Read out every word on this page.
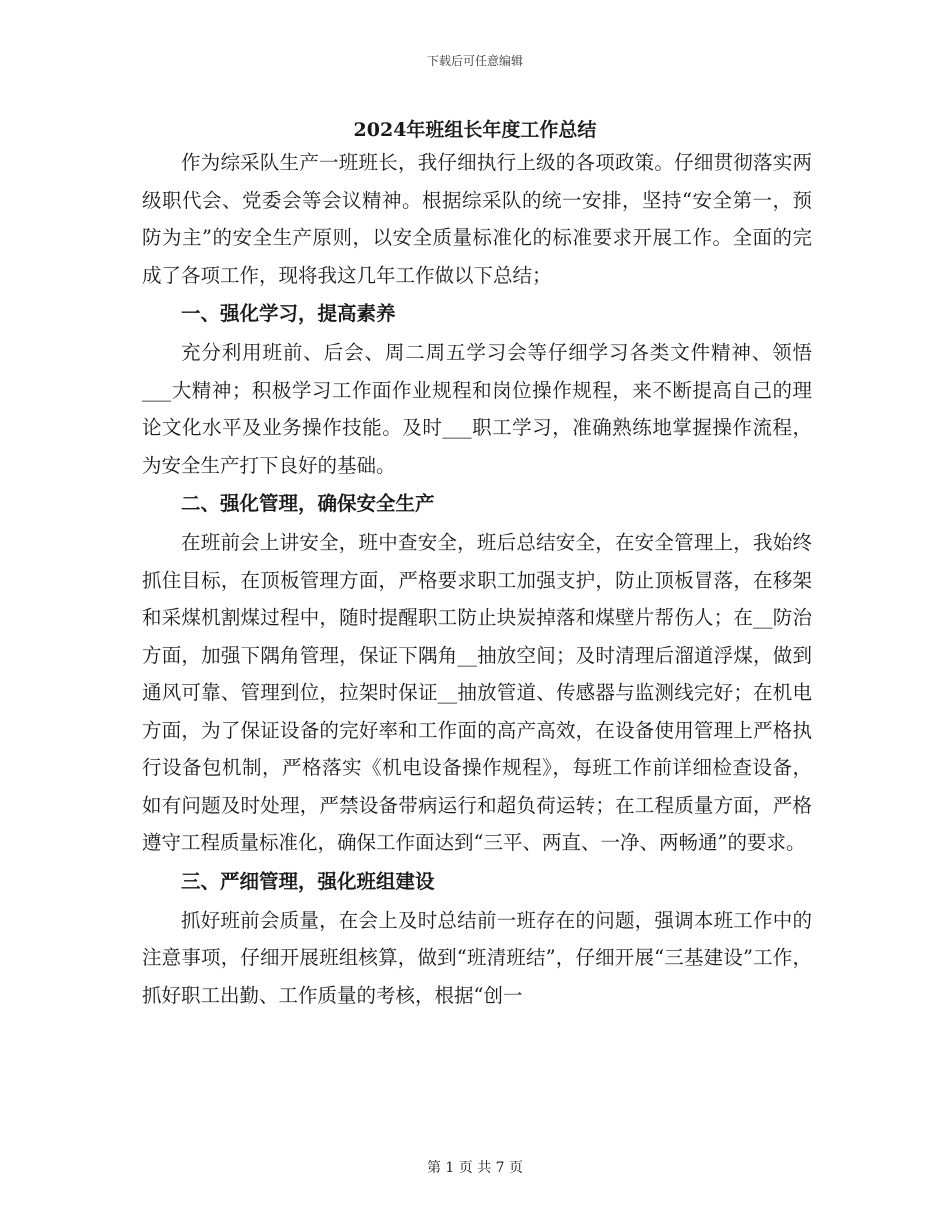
下载后可任意编辑
2024年班组长年度工作总结

作为综采队生产一班班长，我仔细执行上级的各项政策。仔细贯彻落实两级职代会、党委会等会议精神。根据综采队的统一安排，坚持“安全第一，预防为主”的安全生产原则，以安全质量标准化的标准要求开展工作。全面的完成了各项工作，现将我这几年工作做以下总结；

一、强化学习，提高素养

充分利用班前、后会、周二周五学习会等仔细学习各类文件精神、领悟___大精神；积极学习工作面作业规程和岗位操作规程，来不断提高自己的理论文化水平及业务操作技能。及时___职工学习，准确熟练地掌握操作流程，为安全生产打下良好的基础。

二、强化管理，确保安全生产

在班前会上讲安全，班中查安全，班后总结安全，在安全管理上，我始终抓住目标，在顶板管理方面，严格要求职工加强支护，防止顶板冒落，在移架和采煤机割煤过程中，随时提醒职工防止块炭掉落和煤壁片帮伤人；在__防治方面，加强下隅角管理，保证下隅角__抽放空间；及时清理后溜道浮煤，做到通风可靠、管理到位，拉架时保证__抽放管道、传感器与监测线完好；在机电方面，为了保证设备的完好率和工作面的高产高效，在设备使用管理上严格执行设备包机制，严格落实《机电设备操作规程》，每班工作前详细检查设备，如有问题及时处理，严禁设备带病运行和超负荷运转；在工程质量方面，严格遵守工程质量标准化，确保工作面达到“三平、两直、一净、两畅通”的要求。

三、严细管理，强化班组建设

抓好班前会质量，在会上及时总结前一班存在的问题，强调本班工作中的注意事项，仔细开展班组核算，做到“班清班结”，仔细开展“三基建设”工作，抓好职工出勤、工作质量的考核，根据“创一

第 1 页 共 7 页
